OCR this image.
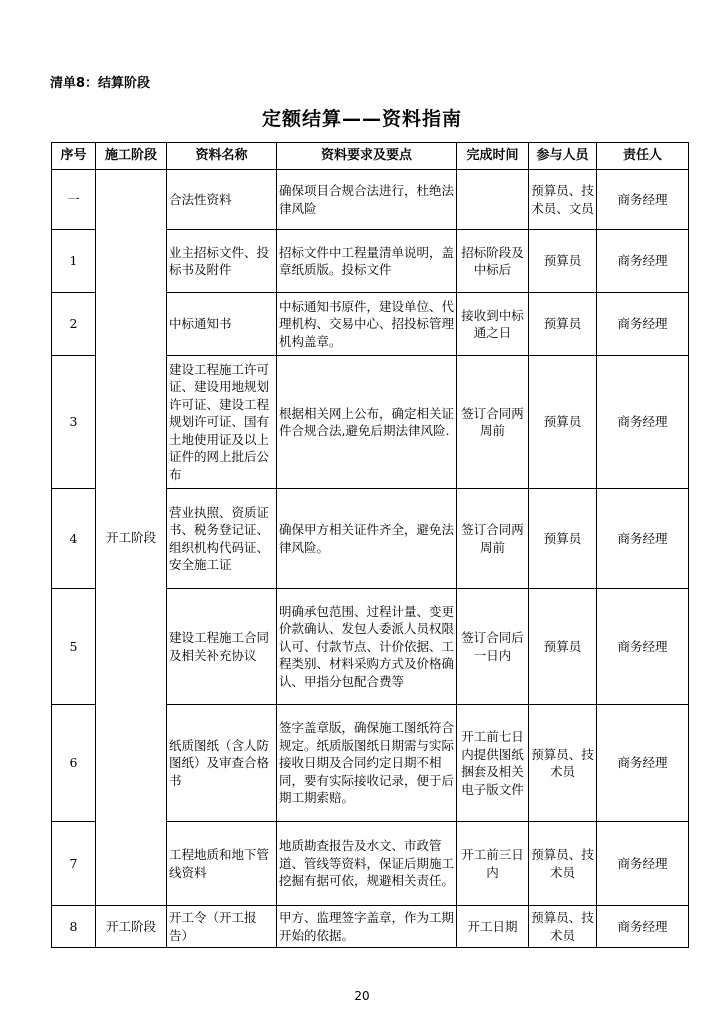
清单8：结算阶段
定额结算——资料指南
序号	施工阶段	资料名称	资料要求及要点	完成时间	参与人员	责任人
一	开工阶段	合法性资料	确保项目合规合法进行，杜绝法律风险		预算员、技术员、文员	商务经理
1		业主招标文件、投标书及附件	招标文件中工程量清单说明，盖章纸质版。投标文件	招标阶段及中标后	预算员	商务经理
2		中标通知书	中标通知书原件，建设单位、代理机构、交易中心、招投标管理机构盖章。	接收到中标通之日	预算员	商务经理
3		建设工程施工许可证、建设用地规划许可证、建设工程规划许可证、国有土地使用证及以上证件的网上批后公布	根据相关网上公布，确定相关证件合规合法,避免后期法律风险.	签订合同两周前	预算员	商务经理
4		营业执照、资质证书、税务登记证、组织机构代码证、安全施工证	确保甲方相关证件齐全，避免法律风险。	签订合同两周前	预算员	商务经理
5		建设工程施工合同及相关补充协议	明确承包范围、过程计量、变更价款确认、发包人委派人员权限认可、付款节点、计价依据、工程类别、材料采购方式及价格确认、甲指分包配合费等	签订合同后一日内	预算员	商务经理
6		纸质图纸（含人防图纸）及审查合格书	签字盖章版，确保施工图纸符合规定。纸质版图纸日期需与实际接收日期及合同约定日期不相同，要有实际接收记录，便于后期工期索赔。	开工前七日内提供图纸捆套及相关电子版文件	预算员、技术员	商务经理
7		工程地质和地下管线资料	地质勘查报告及水文、市政管道、管线等资料，保证后期施工挖掘有据可依，规避相关责任。	开工前三日内	预算员、技术员	商务经理
8	开工阶段	开工令（开工报告）	甲方、监理签字盖章，作为工期开始的依据。	开工日期	预算员、技术员	商务经理
20
